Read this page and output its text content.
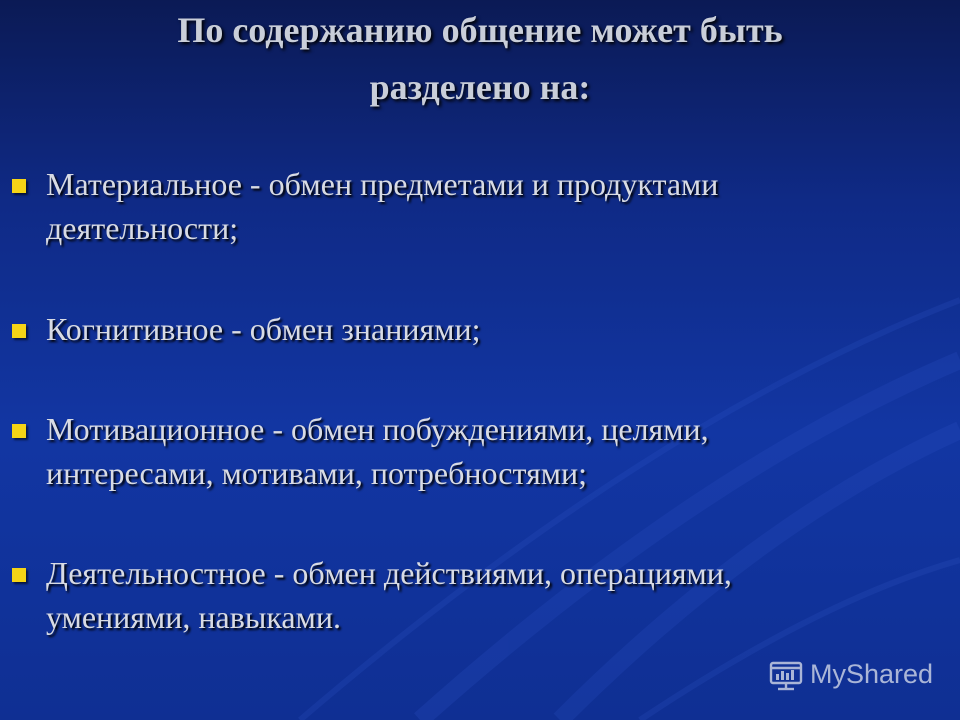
По содержанию общение может быть
разделено на:
Материальное - обмен предметами и продуктами
деятельности;
Когнитивное - обмен знаниями;
Мотивационное - обмен побуждениями, целями,
интересами, мотивами, потребностями;
Деятельностное - обмен действиями, операциями,
умениями, навыками.
MyShared
